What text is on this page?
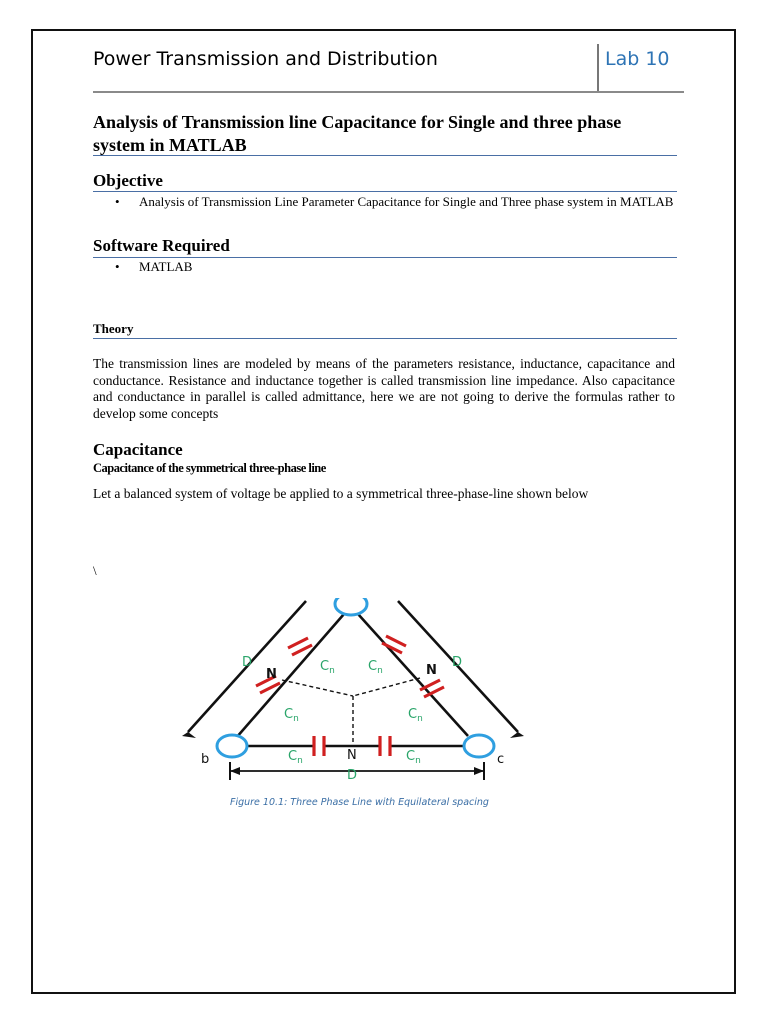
Power Transmission and Distribution	Lab 10
Analysis of Transmission line Capacitance for Single and three phase system in MATLAB
Objective
• Analysis of Transmission Line Parameter Capacitance for Single and Three phase system in MATLAB
Software Required
• MATLAB
Theory
The transmission lines are modeled by means of the parameters resistance, inductance, capacitance and conductance. Resistance and inductance together is called transmission line impedance. Also capacitance and conductance in parallel is called admittance, here we are not going to derive the formulas rather to develop some concepts
Capacitance
Capacitance of the symmetrical three-phase line
Let a balanced system of voltage be applied to a symmetrical three-phase-line shown below
\
D	D
N	N
N
D
b	c
$C_n$	$C_n$
$C_n$	$C_n$
$C_n$	$C_n$
Figure 10.1: Three Phase Line with Equilateral spacing
